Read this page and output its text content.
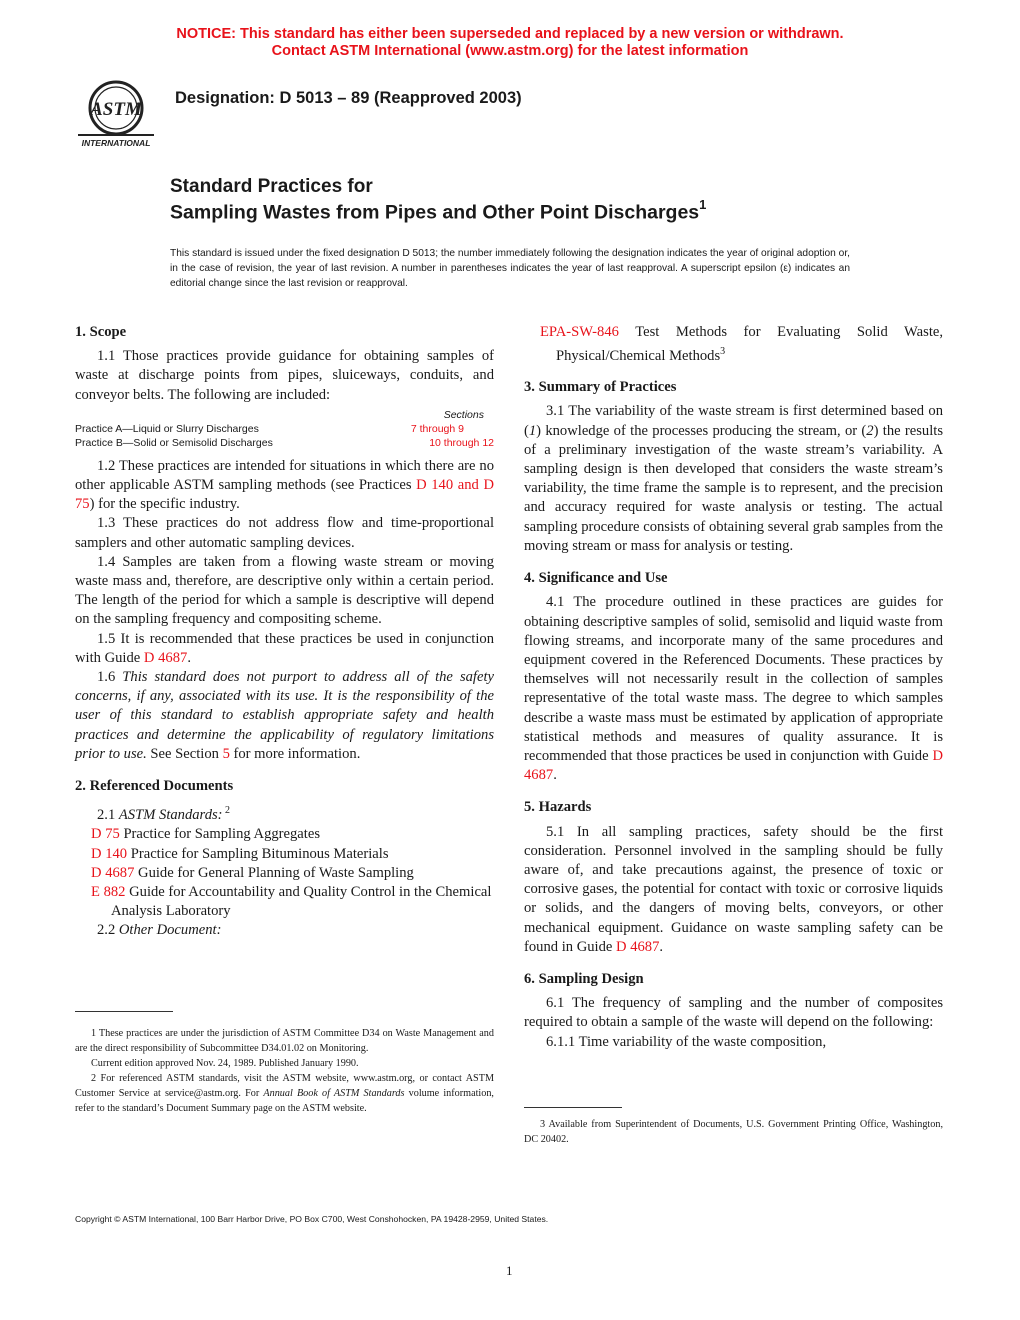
NOTICE: This standard has either been superseded and replaced by a new version or withdrawn.
Contact ASTM International (www.astm.org) for the latest information
ASTM
INTERNATIONAL
Designation: D 5013 – 89 (Reapproved 2003)
Standard Practices for
Sampling Wastes from Pipes and Other Point Discharges$^1$
This standard is issued under the fixed designation D 5013; the number immediately following the designation indicates the year of original adoption or, in the case of revision, the year of last revision. A number in parentheses indicates the year of last reapproval. A superscript epsilon (ε) indicates an editorial change since the last revision or reapproval.

1. Scope

1.1 Those practices provide guidance for obtaining samples of waste at discharge points from pipes, sluiceways, conduits, and conveyor belts. The following are included:

Sections
Practice A—Liquid or Slurry Discharges	7 through 9
Practice B—Solid or Semisolid Discharges	10 through 12

1.2 These practices are intended for situations in which there are no other applicable ASTM sampling methods (see Practices D 140 and D 75) for the specific industry.

1.3 These practices do not address flow and time-proportional samplers and other automatic sampling devices.

1.4 Samples are taken from a flowing waste stream or moving waste mass and, therefore, are descriptive only within a certain period. The length of the period for which a sample is descriptive will depend on the sampling frequency and compositing scheme.

1.5 It is recommended that these practices be used in conjunction with Guide D 4687.

1.6 This standard does not purport to address all of the safety concerns, if any, associated with its use. It is the responsibility of the user of this standard to establish appropriate safety and health practices and determine the applicability of regulatory limitations prior to use. See Section 5 for more information.

2. Referenced Documents

2.1 ASTM Standards: $^2$

D 75 Practice for Sampling Aggregates

D 140 Practice for Sampling Bituminous Materials

D 4687 Guide for General Planning of Waste Sampling

E 882 Guide for Accountability and Quality Control in the Chemical Analysis Laboratory

2.2 Other Document:

1 These practices are under the jurisdiction of ASTM Committee D34 on Waste Management and are the direct responsibility of Subcommittee D34.01.02 on Monitoring.
Current edition approved Nov. 24, 1989. Published January 1990.
2 For referenced ASTM standards, visit the ASTM website, www.astm.org, or contact ASTM Customer Service at service@astm.org. For Annual Book of ASTM Standards volume information, refer to the standard’s Document Summary page on the ASTM website.

EPA-SW-846 Test Methods for Evaluating Solid Waste, Physical/Chemical Methods$^3$

3. Summary of Practices

3.1 The variability of the waste stream is first determined based on (1) knowledge of the processes producing the stream, or (2) the results of a preliminary investigation of the waste stream’s variability. A sampling design is then developed that considers the waste stream’s variability, the time frame the sample is to represent, and the precision and accuracy required for waste analysis or testing. The actual sampling procedure consists of obtaining several grab samples from the moving stream or mass for analysis or testing.

4. Significance and Use

4.1 The procedure outlined in these practices are guides for obtaining descriptive samples of solid, semisolid and liquid waste from flowing streams, and incorporate many of the same procedures and equipment covered in the Referenced Documents. These practices by themselves will not necessarily result in the collection of samples representative of the total waste mass. The degree to which samples describe a waste mass must be estimated by application of appropriate statistical methods and measures of quality assurance. It is recommended that those practices be used in conjunction with Guide D 4687.

5. Hazards

5.1 In all sampling practices, safety should be the first consideration. Personnel involved in the sampling should be fully aware of, and take precautions against, the presence of toxic or corrosive gases, the potential for contact with toxic or corrosive liquids or solids, and the dangers of moving belts, conveyors, or other mechanical equipment. Guidance on waste sampling safety can be found in Guide D 4687.

6. Sampling Design

6.1 The frequency of sampling and the number of composites required to obtain a sample of the waste will depend on the following:

6.1.1 Time variability of the waste composition,

3 Available from Superintendent of Documents, U.S. Government Printing Office, Washington, DC 20402.
Copyright © ASTM International, 100 Barr Harbor Drive, PO Box C700, West Conshohocken, PA 19428-2959, United States.
1
